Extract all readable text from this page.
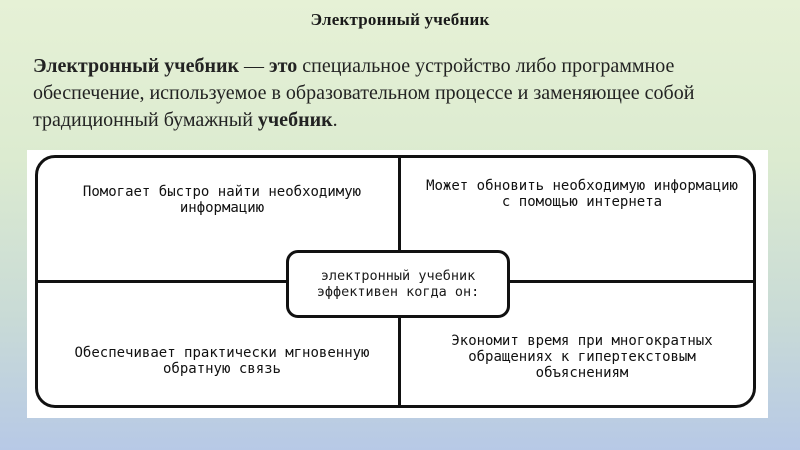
Электронный учебник
Электронный учебник — это специальное устройство либо программное обеспечение, используемое в образовательном процессе и заменяющее собой традиционный бумажный учебник.
Помогает быстро найти необходимую информацию
Может обновить необходимую информацию с помощью интернета
Обеспечивает практически мгновенную обратную связь
Экономит время при многократных обращениях к гипертекстовым объяснениям
электронный учебник эффективен когда он:
